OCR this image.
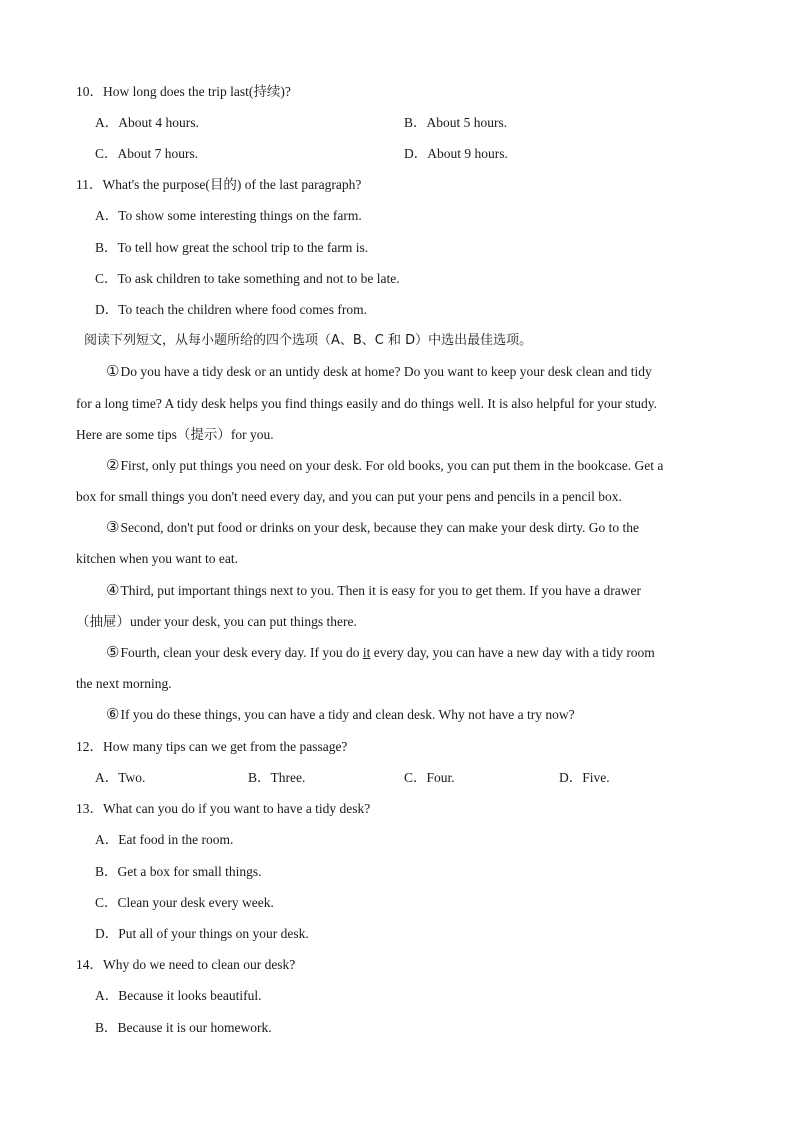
10．How long does the trip last(持续)?
A．About 4 hours.	B．About 5 hours.
C．About 7 hours.	D．About 9 hours.
11．What's the purpose(目的) of the last paragraph?
A．To show some interesting things on the farm.
B．To tell how great the school trip to the farm is.
C．To ask children to take something and not to be late.
D．To teach the children where food comes from.
阅读下列短文，从每小题所给的四个选项（A、B、C 和 D）中选出最佳选项。
①Do you have a tidy desk or an untidy desk at home? Do you want to keep your desk clean and tidy
for a long time? A tidy desk helps you find things easily and do things well. It is also helpful for your study.
Here are some tips（提示）for you.
②First, only put things you need on your desk. For old books, you can put them in the bookcase. Get a
box for small things you don't need every day, and you can put your pens and pencils in a pencil box.
③Second, don't put food or drinks on your desk, because they can make your desk dirty. Go to the
kitchen when you want to eat.
④Third, put important things next to you. Then it is easy for you to get them. If you have a drawer
（抽屉）under your desk, you can put things there.
⑤Fourth, clean your desk every day. If you do it every day, you can have a new day with a tidy room
the next morning.
⑥If you do these things, you can have a tidy and clean desk. Why not have a try now?
12．How many tips can we get from the passage?
A．Two.	B．Three.	C．Four.	D．Five.
13．What can you do if you want to have a tidy desk?
A．Eat food in the room.
B．Get a box for small things.
C．Clean your desk every week.
D．Put all of your things on your desk.
14．Why do we need to clean our desk?
A．Because it looks beautiful.
B．Because it is our homework.
